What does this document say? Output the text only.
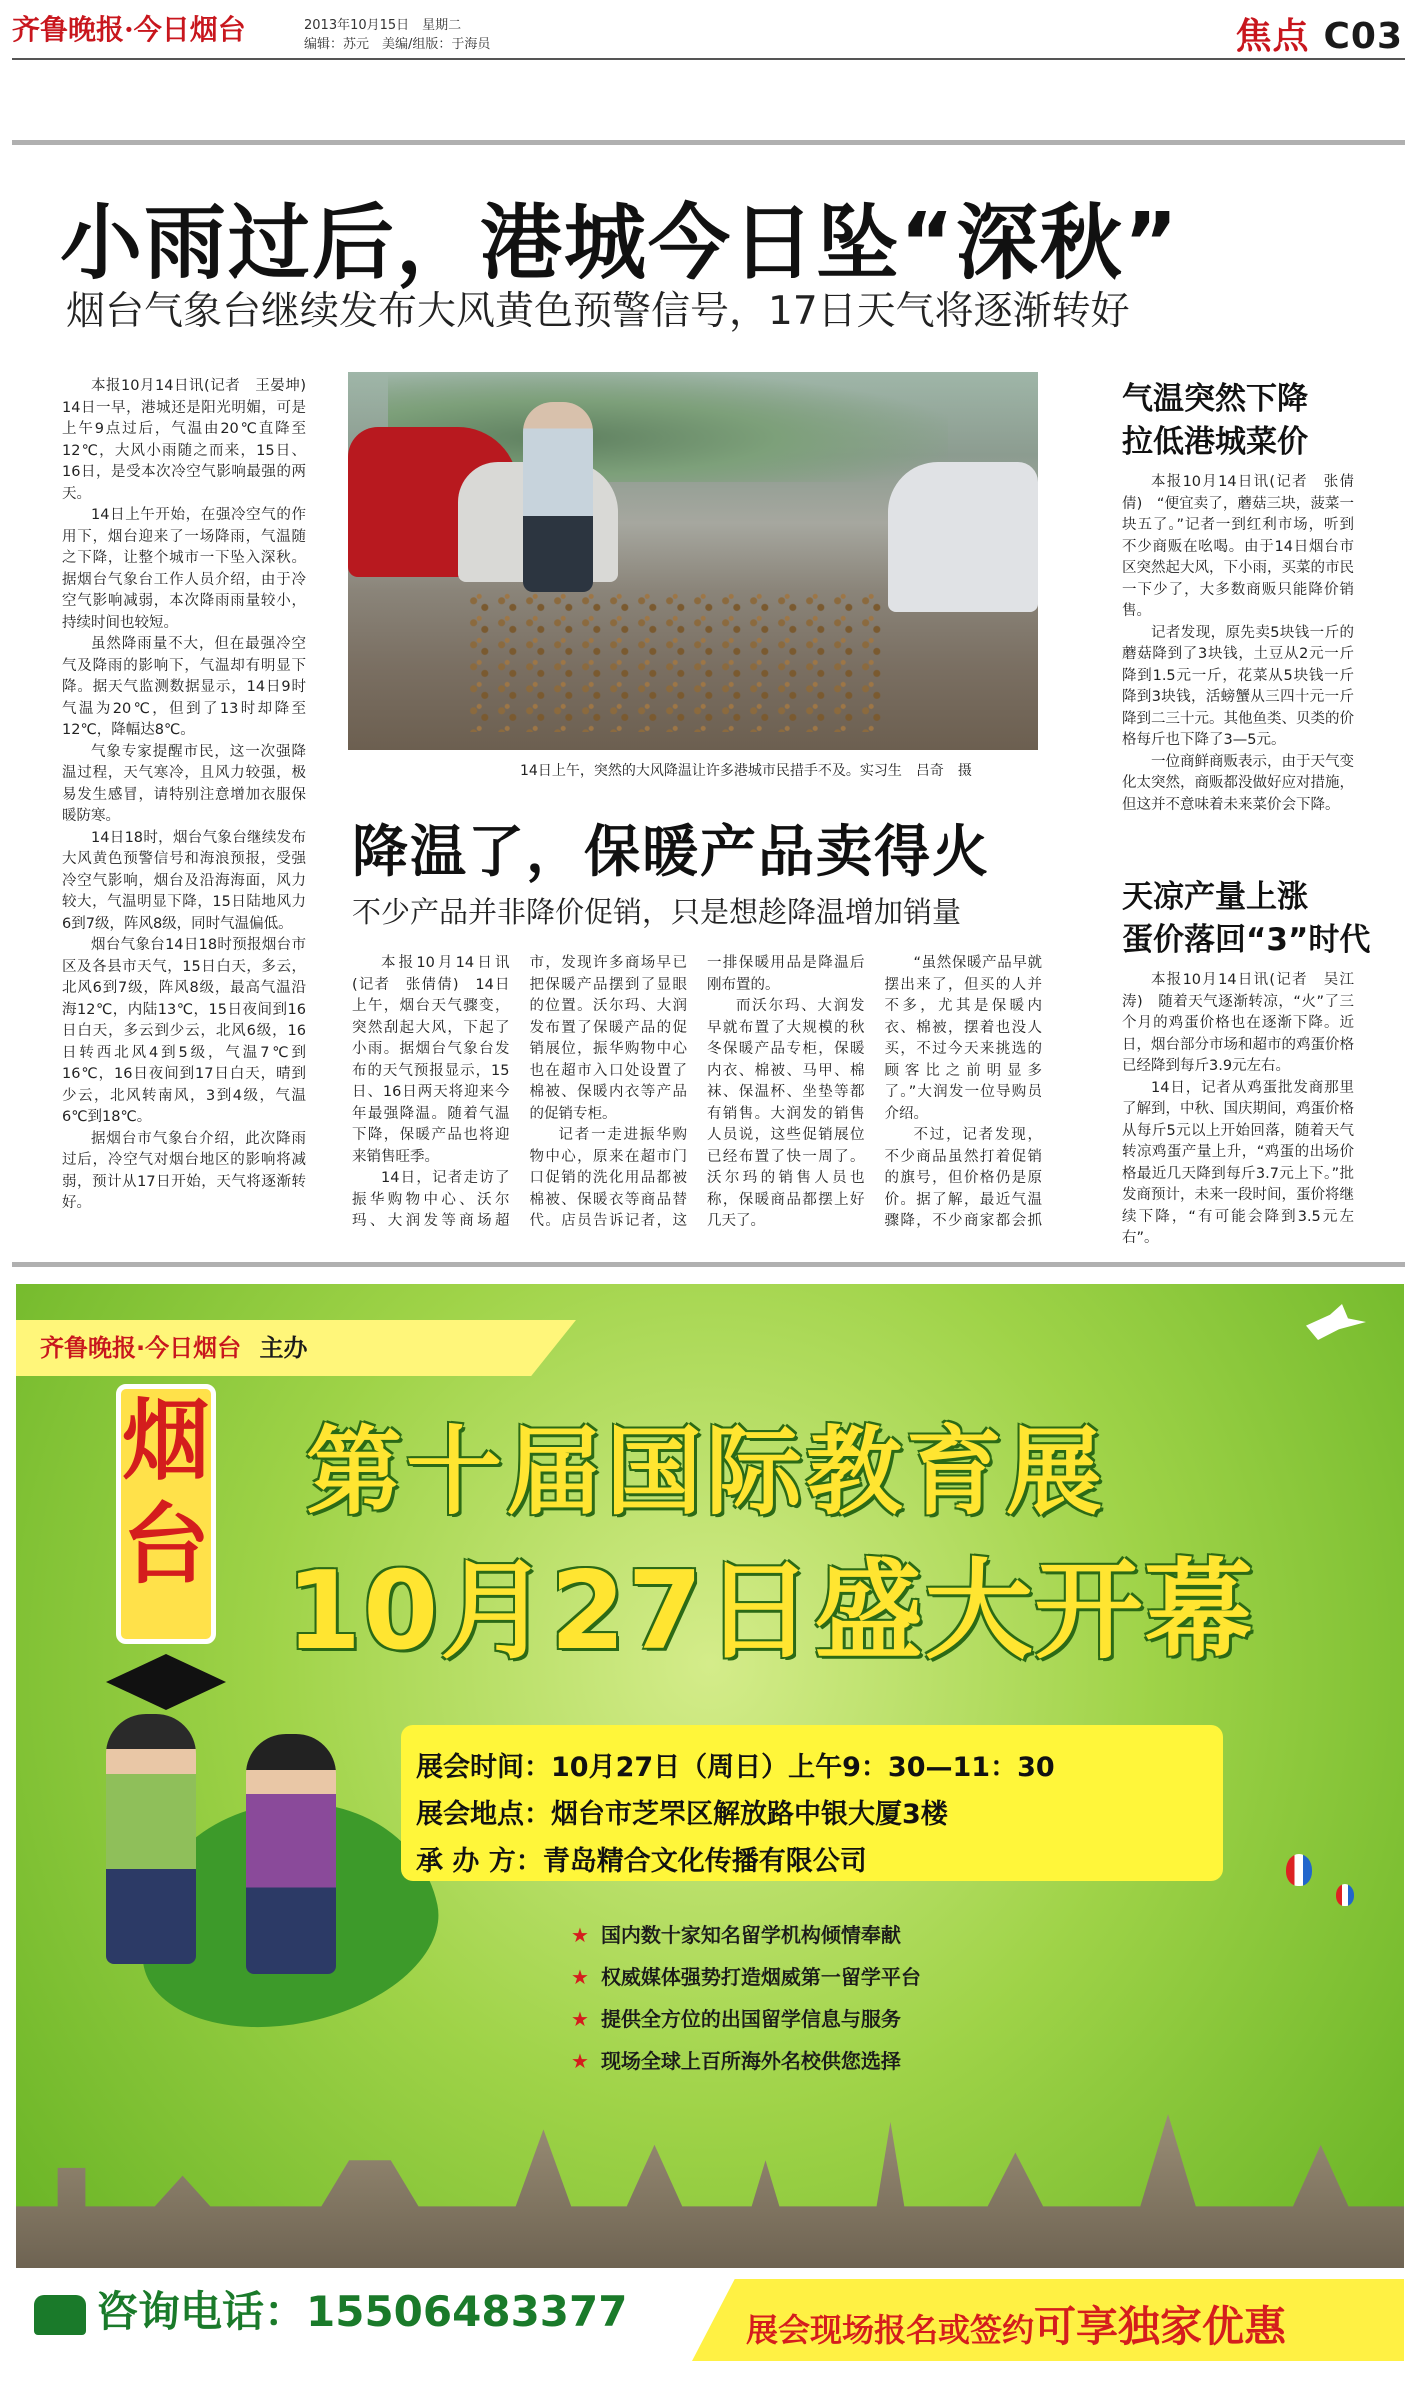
齐鲁晚报·今日烟台	2013年10月15日　星期二
编辑：苏元　美编/组版：于海员	焦点 C03
小雨过后，港城今日坠“深秋”
烟台气象台继续发布大风黄色预警信号，17日天气将逐渐转好

本报10月14日讯(记者　王晏坤)　14日一早，港城还是阳光明媚，可是上午9点过后，气温由20℃直降至12℃，大风小雨随之而来，15日、16日，是受本次冷空气影响最强的两天。

14日上午开始，在强冷空气的作用下，烟台迎来了一场降雨，气温随之下降，让整个城市一下坠入深秋。据烟台气象台工作人员介绍，由于冷空气影响减弱，本次降雨雨量较小，持续时间也较短。

虽然降雨量不大，但在最强冷空气及降雨的影响下，气温却有明显下降。据天气监测数据显示，14日9时气温为20℃，但到了13时却降至12℃，降幅达8℃。

气象专家提醒市民，这一次强降温过程，天气寒冷，且风力较强，极易发生感冒，请特别注意增加衣服保暖防寒。

14日18时，烟台气象台继续发布大风黄色预警信号和海浪预报，受强冷空气影响，烟台及沿海海面，风力较大，气温明显下降，15日陆地风力6到7级，阵风8级，同时气温偏低。

烟台气象台14日18时预报烟台市区及各县市天气，15日白天，多云，北风6到7级，阵风8级，最高气温沿海12℃，内陆13℃，15日夜间到16日白天，多云到少云，北风6级，16日转西北风4到5级，气温7℃到16℃，16日夜间到17日白天，晴到少云，北风转南风，3到4级，气温6℃到18℃。

据烟台市气象台介绍，此次降雨过后，冷空气对烟台地区的影响将减弱，预计从17日开始，天气将逐渐转好。

14日上午，突然的大风降温让许多港城市民措手不及。实习生　吕奇　摄
降温了，保暖产品卖得火
不少产品并非降价促销，只是想趁降温增加销量

本报10月14日讯(记者　张倩倩)　14日上午，烟台天气骤变，突然刮起大风，下起了小雨。据烟台气象台发布的天气预报显示，15日、16日两天将迎来今年最强降温。随着气温下降，保暖产品也将迎来销售旺季。

14日，记者走访了振华购物中心、沃尔玛、大润发等商场超市，发现许多商场早已把保暖产品摆到了显眼的位置。沃尔玛、大润发布置了保暖产品的促销展位，振华购物中心也在超市入口处设置了棉被、保暖内衣等产品的促销专柜。

记者一走进振华购物中心，原来在超市门口促销的洗化用品都被棉被、保暖衣等商品替代。店员告诉记者，这一排保暖用品是降温后刚布置的。

而沃尔玛、大润发早就布置了大规模的秋冬保暖产品专柜，保暖内衣、棉被、马甲、棉袜、保温杯、坐垫等都有销售。大润发的销售人员说，这些促销展位已经布置了快一周了。沃尔玛的销售人员也称，保暖商品都摆上好几天了。

“虽然保暖产品早就摆出来了，但买的人并不多，尤其是保暖内衣、棉被，摆着也没人买，不过今天来挑选的顾客比之前明显多了。”大润发一位导购员介绍。

不过，记者发现，不少商品虽然打着促销的旗号，但价格仍是原价。据了解，最近气温骤降，不少商家都会抓

气温突然下降
拉低港城菜价

本报10月14日讯(记者　张倩倩)　“便宜卖了，蘑菇三块，菠菜一块五了。”记者一到红利市场，听到不少商贩在吆喝。由于14日烟台市区突然起大风，下小雨，买菜的市民一下少了，大多数商贩只能降价销售。

记者发现，原先卖5块钱一斤的蘑菇降到了3块钱，土豆从2元一斤降到1.5元一斤，花菜从5块钱一斤降到3块钱，活螃蟹从三四十元一斤降到二三十元。其他鱼类、贝类的价格每斤也下降了3—5元。

一位商鲜商贩表示，由于天气变化太突然，商贩都没做好应对措施，但这并不意味着未来菜价会下降。

天凉产量上涨
蛋价落回“3”时代

本报10月14日讯(记者　吴江涛)　随着天气逐渐转凉，“火”了三个月的鸡蛋价格也在逐渐下降。近日，烟台部分市场和超市的鸡蛋价格已经降到每斤3.9元左右。

14日，记者从鸡蛋批发商那里了解到，中秋、国庆期间，鸡蛋价格从每斤5元以上开始回落，随着天气转凉鸡蛋产量上升，“鸡蛋的出场价格最近几天降到每斤3.7元上下。”批发商预计，未来一段时间，蛋价将继续下降，“有可能会降到3.5元左右”。

齐鲁晚报·今日烟台 主办
烟台
第十届国际教育展
10月27日盛大开幕
展会时间：10月27日（周日）上午9：30—11：30
展会地点：烟台市芝罘区解放路中银大厦3楼
承 办 方：青岛精合文化传播有限公司
★ 国内数十家知名留学机构倾情奉献
★ 权威媒体强势打造烟威第一留学平台
★ 提供全方位的出国留学信息与服务
★ 现场全球上百所海外名校供您选择
咨询电话：15506483377	展会现场报名或签约可享独家优惠
